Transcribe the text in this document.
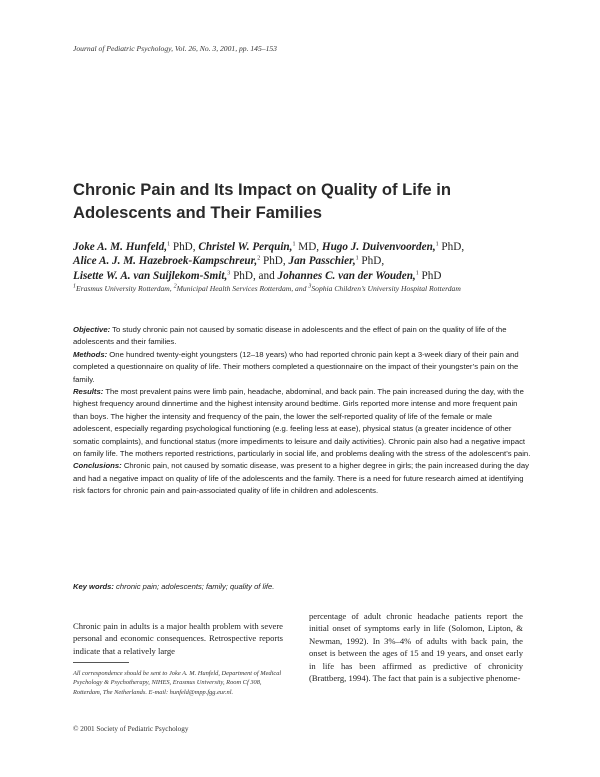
Journal of Pediatric Psychology, Vol. 26, No. 3, 2001, pp. 145–153
Chronic Pain and Its Impact on Quality of Life in
Adolescents and Their Families
Joke A. M. Hunfeld,$^1$ PhD, Christel W. Perquin,$^1$ MD, Hugo J. Duivenvoorden,$^1$ PhD,
Alice A. J. M. Hazebroek-Kampschreur,$^2$ PhD, Jan Passchier,$^1$ PhD,
Lisette W. A. van Suijlekom-Smit,$^3$ PhD, and Johannes C. van der Wouden,$^1$ PhD
$^1$Erasmus University Rotterdam, $^2$Municipal Health Services Rotterdam, and $^3$Sophia Children’s University Hospital Rotterdam

Objective: To study chronic pain not caused by somatic disease in adolescents and the effect of pain on the quality of life of the adolescents and their families.

Methods: One hundred twenty-eight youngsters (12–18 years) who had reported chronic pain kept a 3-week diary of their pain and completed a questionnaire on quality of life. Their mothers completed a questionnaire on the impact of their youngster’s pain on the family.

Results: The most prevalent pains were limb pain, headache, abdominal, and back pain. The pain increased during the day, with the highest frequency around dinnertime and the highest intensity around bedtime. Girls reported more intense and more frequent pain than boys. The higher the intensity and frequency of the pain, the lower the self-reported quality of life of the female or male adolescent, especially regarding psychological functioning (e.g. feeling less at ease), physical status (a greater incidence of other somatic complaints), and functional status (more impediments to leisure and daily activities). Chronic pain also had a negative impact on family life. The mothers reported restrictions, particularly in social life, and problems dealing with the stress of the adolescent’s pain.

Conclusions: Chronic pain, not caused by somatic disease, was present to a higher degree in girls; the pain increased during the day and had a negative impact on quality of life of the adolescents and the family. There is a need for future research aimed at identifying risk factors for chronic pain and pain-associated quality of life in children and adolescents.

Key words: chronic pain; adolescents; family; quality of life.
Chronic pain in adults is a major health problem with severe personal and economic consequences. Retrospective reports indicate that a relatively large
percentage of adult chronic headache patients report the initial onset of symptoms early in life (Solomon, Lipton, & Newman, 1992). In 3%–4% of adults with back pain, the onset is between the ages of 15 and 19 years, and onset early in life has been affirmed as predictive of chronicity (Brattberg, 1994). The fact that pain is a subjective phenome-
All correspondence should be sent to Joke A. M. Hunfeld, Department of Medical Psychology & Psychotherapy, NIHES, Erasmus University, Room Cf 308, Rotterdam, The Netherlands. E-mail: hunfeld@mpp.fgg.eur.nl.
© 2001 Society of Pediatric Psychology
